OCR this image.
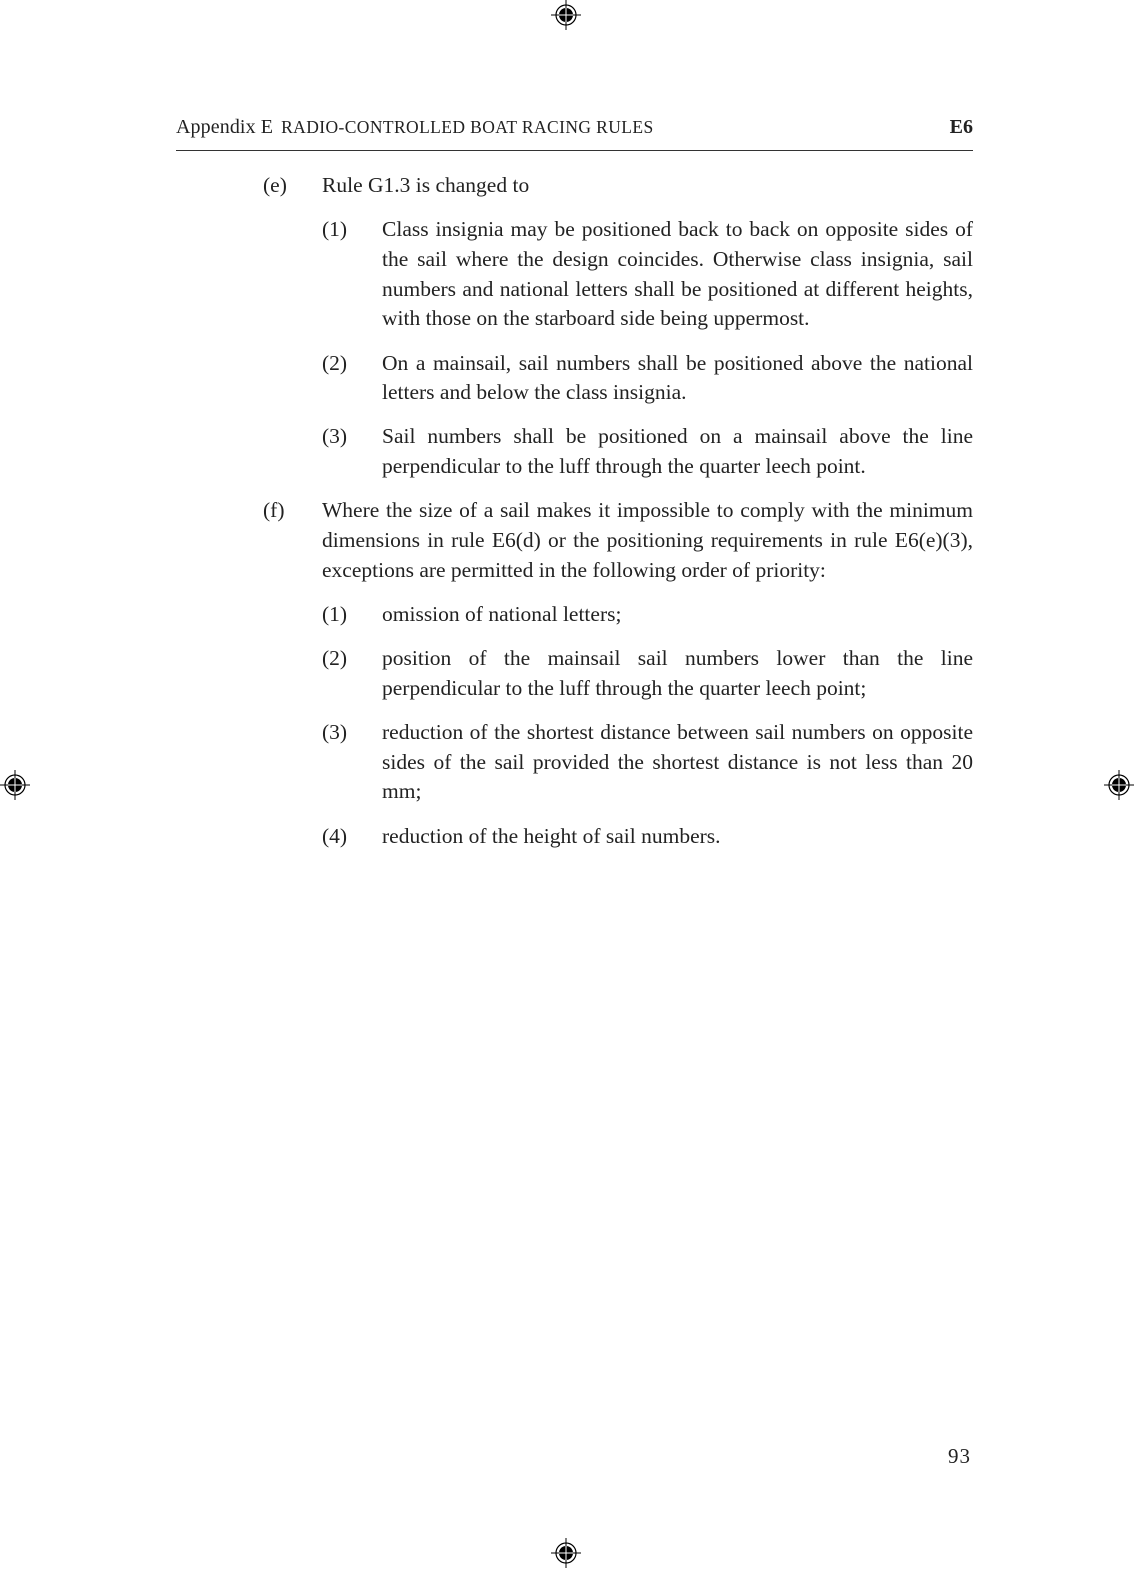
Appendix E RADIO-CONTROLLED BOAT RACING RULES	E6
(e) Rule G1.3 is changed to
(1) Class insignia may be positioned back to back on opposite sides of the sail where the design coincides. Otherwise class insignia, sail numbers and national letters shall be positioned at different heights, with those on the starboard side being uppermost.
(2) On a mainsail, sail numbers shall be positioned above the national letters and below the class insignia.
(3) Sail numbers shall be positioned on a mainsail above the line perpendicular to the luff through the quarter leech point.
(f) Where the size of a sail makes it impossible to comply with the minimum dimensions in rule E6(d) or the positioning requirements in rule E6(e)(3), exceptions are permitted in the following order of priority:
(1) omission of national letters;
(2) position of the mainsail sail numbers lower than the line perpendicular to the luff through the quarter leech point;
(3) reduction of the shortest distance between sail numbers on opposite sides of the sail provided the shortest distance is not less than 20 mm;
(4) reduction of the height of sail numbers.
93
